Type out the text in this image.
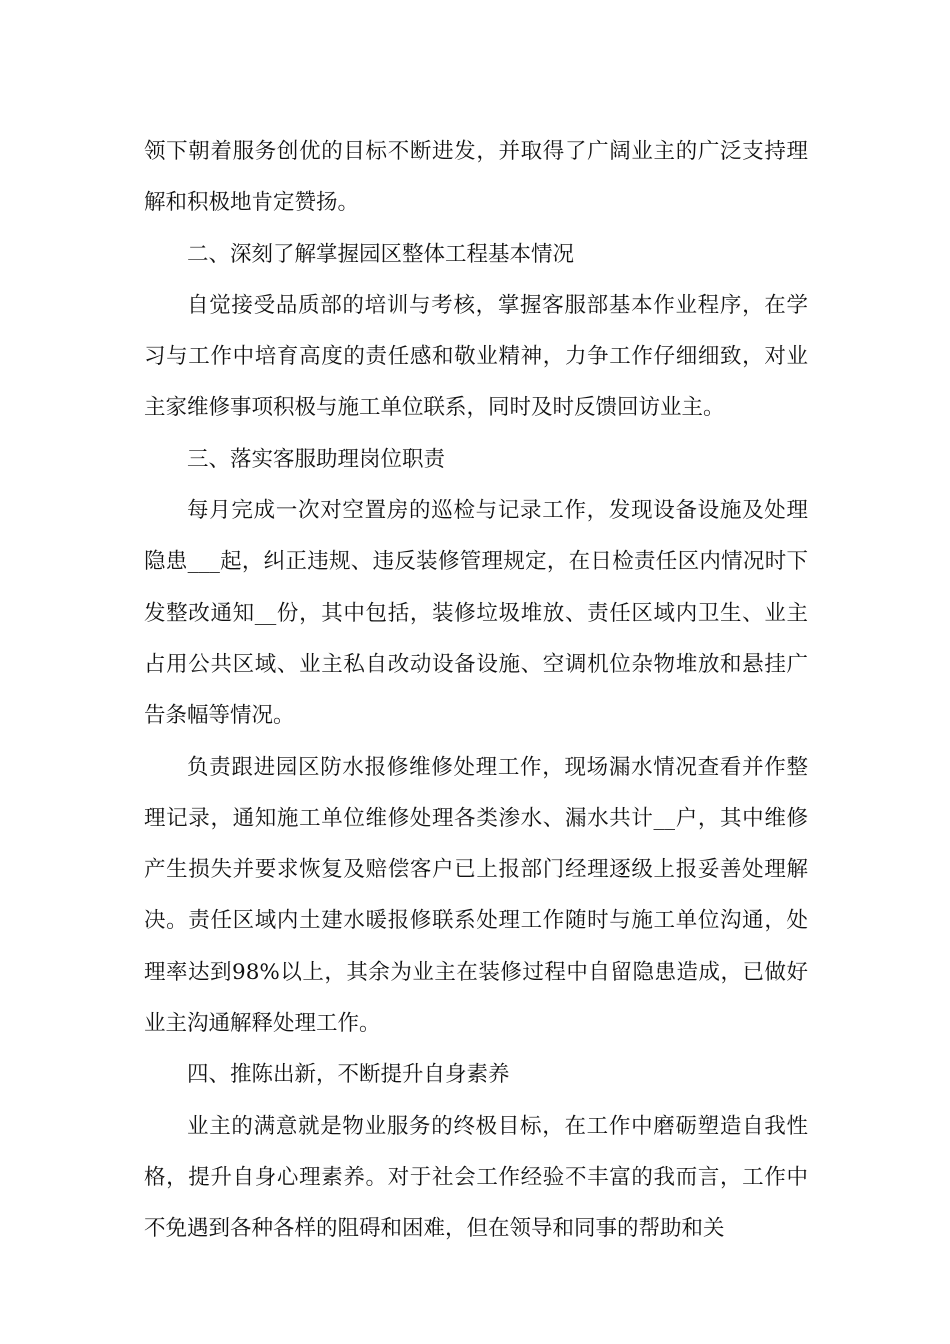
领下朝着服务创优的目标不断进发，并取得了广阔业主的广泛支持理解和积极地肯定赞扬。

二、深刻了解掌握园区整体工程基本情况

自觉接受品质部的培训与考核，掌握客服部基本作业程序，在学习与工作中培育高度的责任感和敬业精神，力争工作仔细细致，对业主家维修事项积极与施工单位联系，同时及时反馈回访业主。

三、落实客服助理岗位职责

每月完成一次对空置房的巡检与记录工作，发现设备设施及处理隐患___起，纠正违规、违反装修管理规定，在日检责任区内情况时下发整改通知__份，其中包括，装修垃圾堆放、责任区域内卫生、业主占用公共区域、业主私自改动设备设施、空调机位杂物堆放和悬挂广告条幅等情况。

负责跟进园区防水报修维修处理工作，现场漏水情况查看并作整理记录，通知施工单位维修处理各类渗水、漏水共计__户，其中维修产生损失并要求恢复及赔偿客户已上报部门经理逐级上报妥善处理解决。责任区域内土建水暖报修联系处理工作随时与施工单位沟通，处理率达到98%以上，其余为业主在装修过程中自留隐患造成，已做好业主沟通解释处理工作。

四、推陈出新，不断提升自身素养

业主的满意就是物业服务的终极目标，在工作中磨砺塑造自我性格，提升自身心理素养。对于社会工作经验不丰富的我而言，工作中不免遇到各种各样的阻碍和困难，但在领导和同事的帮助和关
